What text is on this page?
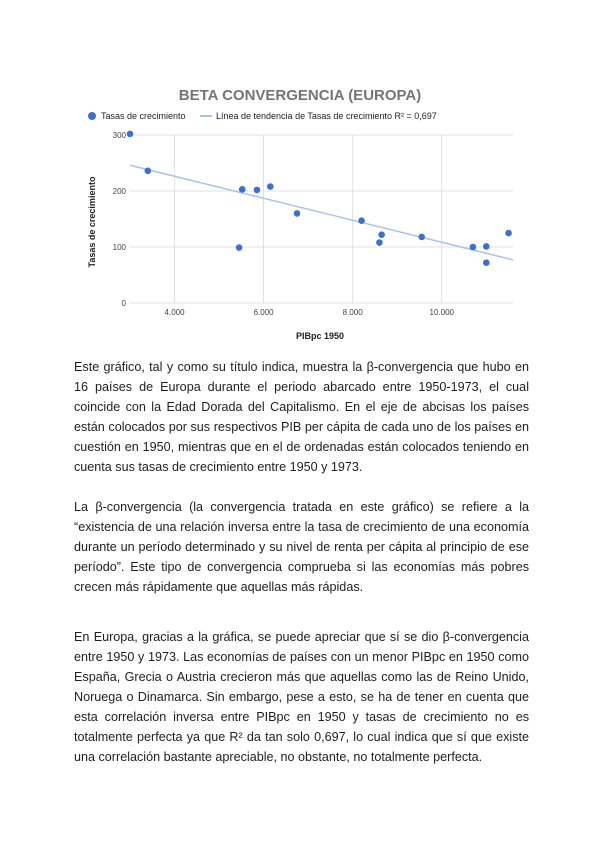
BETA CONVERGENCIA (EUROPA)
Tasas de crecimiento	Línea de tendencia de Tasas de crecimiento R² = 0,697
0
100
200
300
4.000	6.000	8.000	10.000
Tasas de crecimiento
PIBpc 1950

Este gráfico, tal y como su título indica, muestra la β-convergencia que hubo en 16 países de Europa durante el periodo abarcado entre 1950-1973, el cual coincide con la Edad Dorada del Capitalismo. En el eje de abcisas los países están colocados por sus respectivos PIB per cápita de cada uno de los países en cuestión en 1950, mientras que en el de ordenadas están colocados teniendo en cuenta sus tasas de crecimiento entre 1950 y 1973.

La β-convergencia (la convergencia tratada en este gráfico) se refiere a la “existencia de una relación inversa entre la tasa de crecimiento de una economía durante un período determinado y su nivel de renta per cápita al principio de ese período”. Este tipo de convergencia comprueba si las economías más pobres crecen más rápidamente que aquellas más rápidas.

En Europa, gracias a la gráfica, se puede apreciar que sí se dio β-convergencia entre 1950 y 1973. Las economías de países con un menor PIBpc en 1950 como España, Grecia o Austria crecieron más que aquellas como las de Reino Unido, Noruega o Dinamarca. Sin embargo, pese a esto, se ha de tener en cuenta que esta correlación inversa entre PIBpc en 1950 y tasas de crecimiento no es totalmente perfecta ya que R² da tan solo 0,697, lo cual indica que sí que existe una correlación bastante apreciable, no obstante, no totalmente perfecta.
